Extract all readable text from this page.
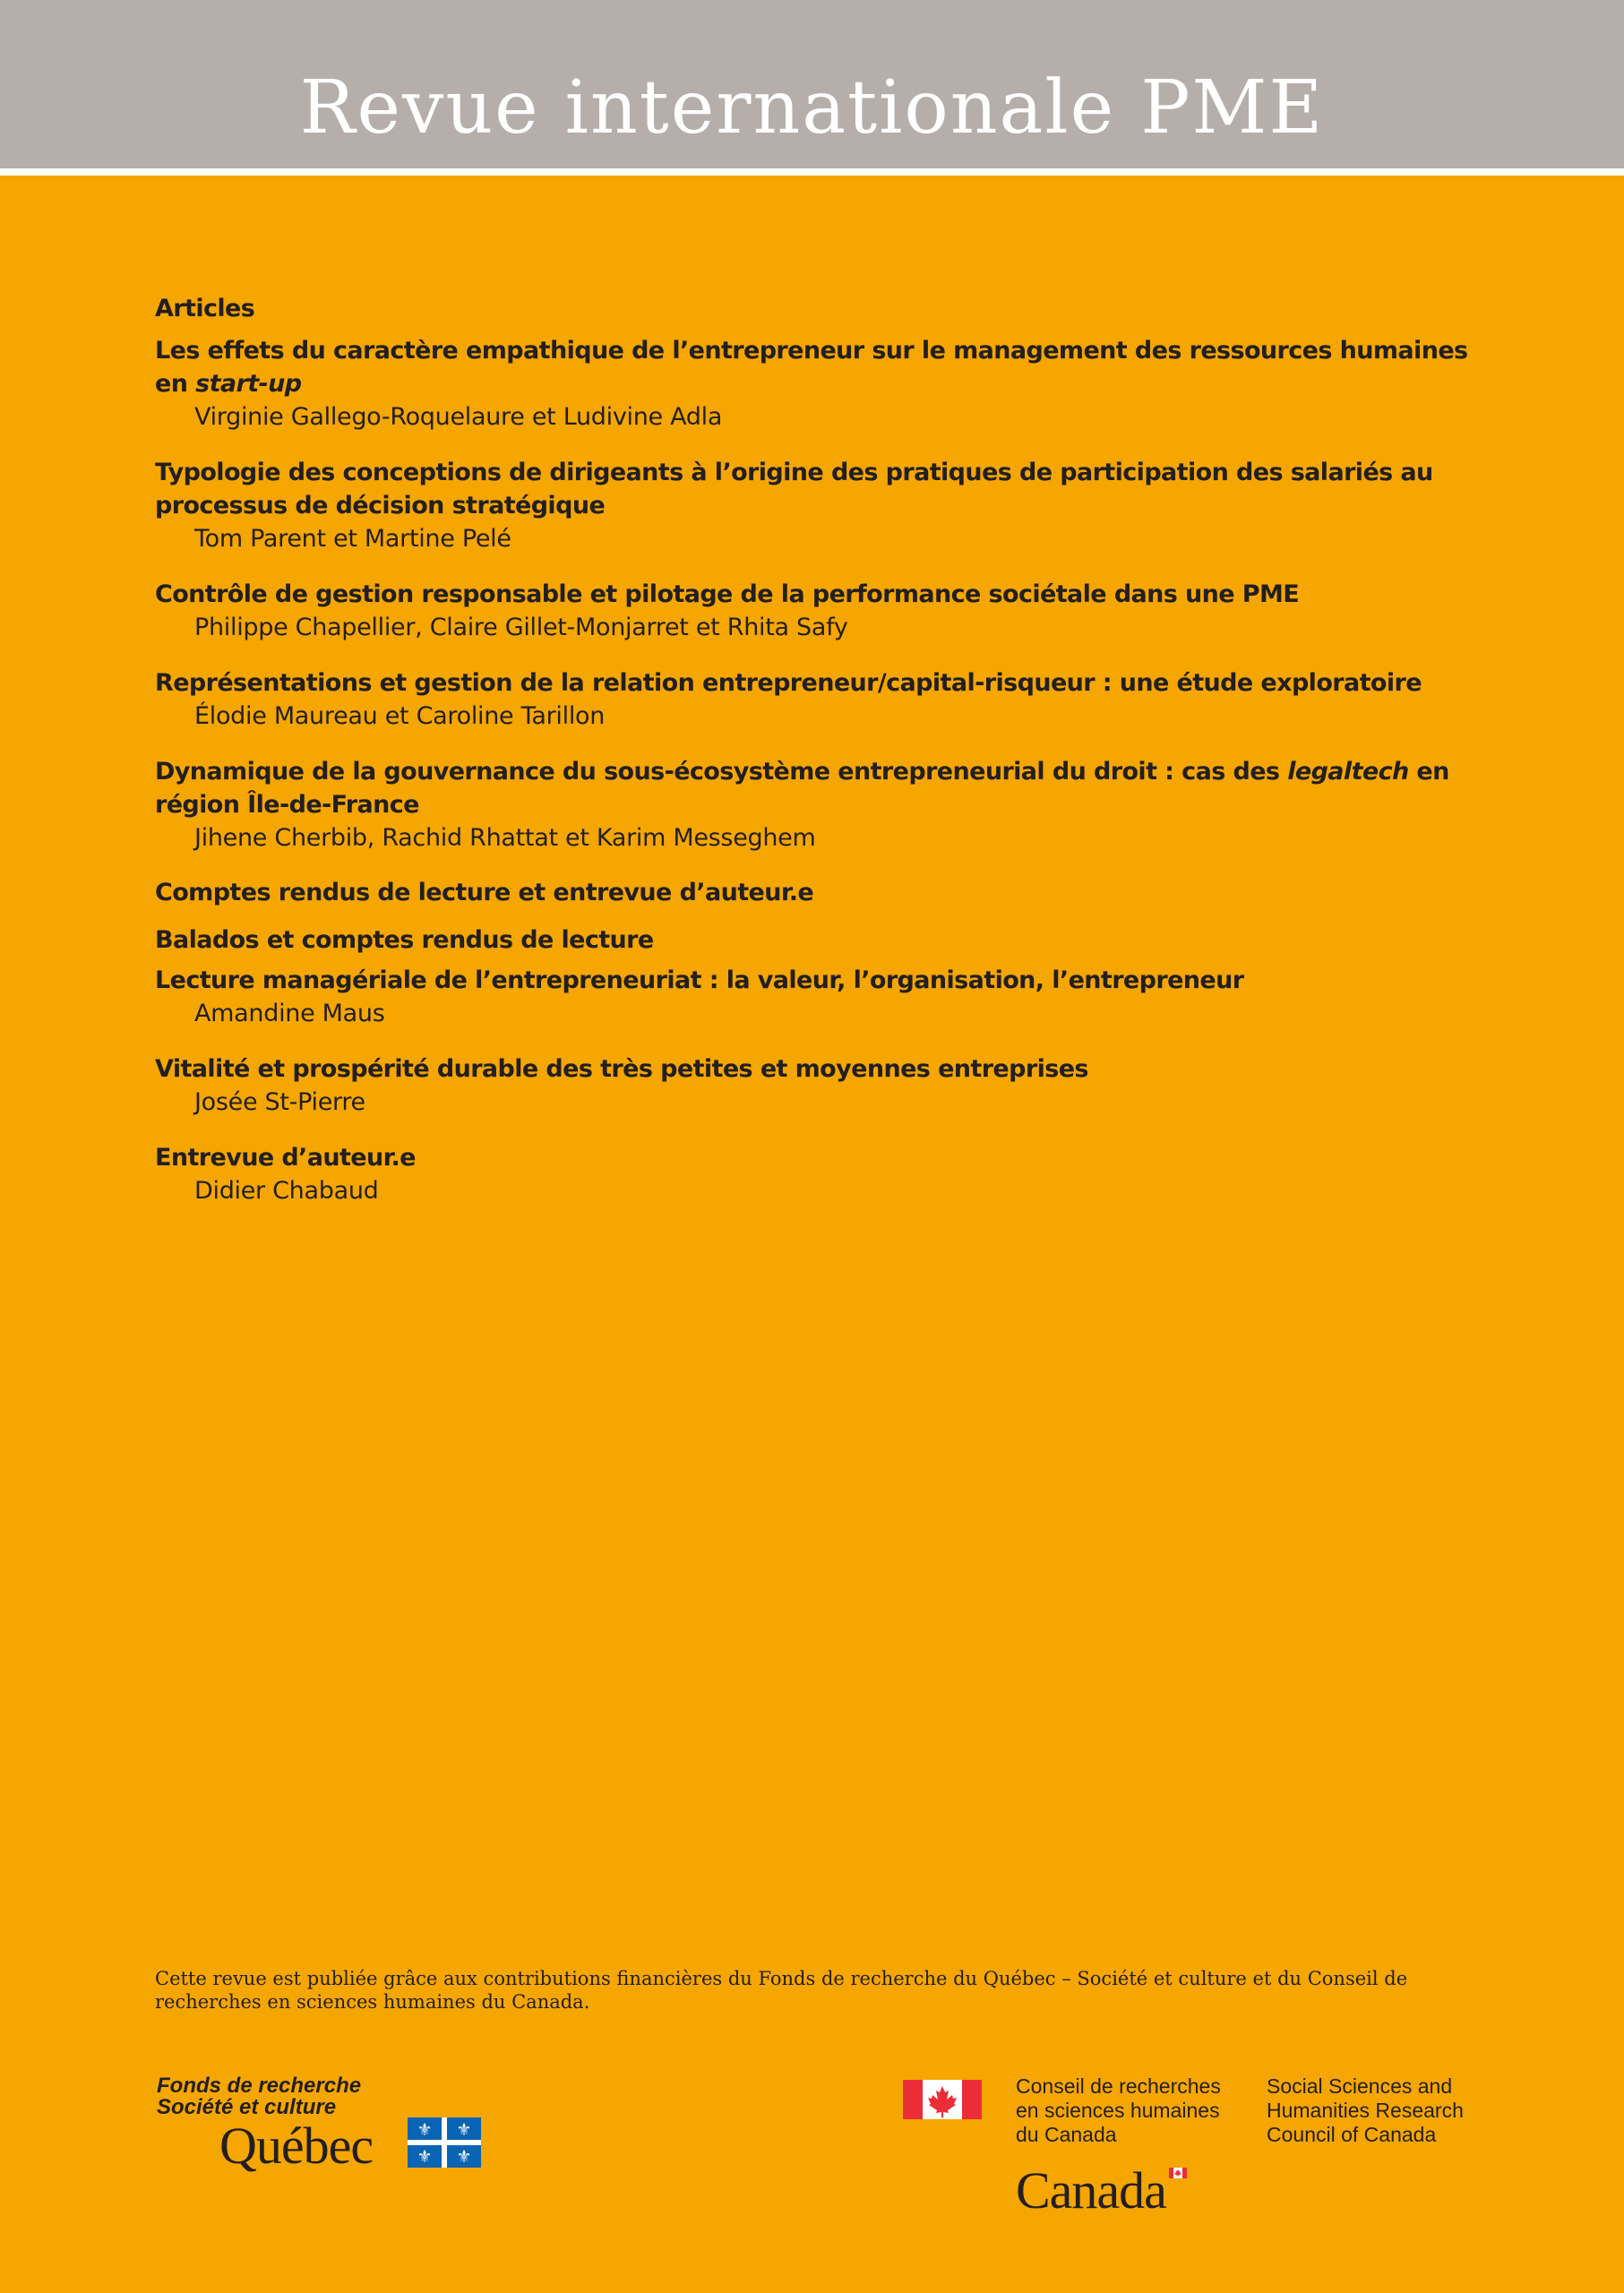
Revue internationale PME
Articles
Les effets du caractère empathique de l’entrepreneur sur le management des ressources humaines en start-up
Virginie Gallego-Roquelaure et Ludivine Adla
Typologie des conceptions de dirigeants à l’origine des pratiques de participation des salariés au processus de décision stratégique
Tom Parent et Martine Pelé
Contrôle de gestion responsable et pilotage de la performance sociétale dans une PME
Philippe Chapellier, Claire Gillet-Monjarret et Rhita Safy
Représentations et gestion de la relation entrepreneur/capital-risqueur : une étude exploratoire
Élodie Maureau et Caroline Tarillon
Dynamique de la gouvernance du sous-écosystème entrepreneurial du droit : cas des legaltech en région Île-de-France
Jihene Cherbib, Rachid Rhattat et Karim Messeghem
Comptes rendus de lecture et entrevue d’auteur.e
Balados et comptes rendus de lecture
Lecture managériale de l’entrepreneuriat : la valeur, l’organisation, l’entrepreneur
Amandine Maus
Vitalité et prospérité durable des très petites et moyennes entreprises
Josée St-Pierre
Entrevue d’auteur.e
Didier Chabaud
Cette revue est publiée grâce aux contributions financières du Fonds de recherche du Québec – Société et culture et du Conseil de recherches en sciences humaines du Canada.
Fonds de recherche
Société et culture
Québec	⚜ ⚜
⚜ ⚜
Conseil de recherches
en sciences humaines
du Canada
Social Sciences and
Humanities Research
Council of Canada
Canada
